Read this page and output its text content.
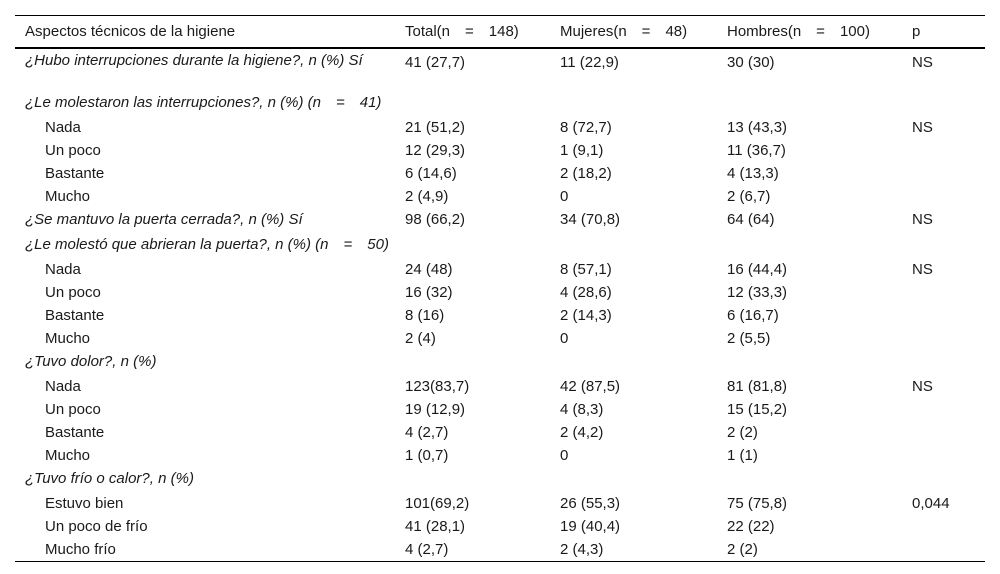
Aspectos técnicos de la higiene	Total(n  =  148)	Mujeres(n  =  48)	Hombres(n  =  100)	p
¿Hubo interrupciones durante la higiene?, n (%) Sí	41 (27,7)	11 (22,9)	30 (30)	NS
¿Le molestaron las interrupciones?, n (%) (n  =  41)				
Nada	21 (51,2)	8 (72,7)	13 (43,3)	NS
Un poco	12 (29,3)	1 (9,1)	11 (36,7)	
Bastante	6 (14,6)	2 (18,2)	4 (13,3)	
Mucho	2 (4,9)	0	2 (6,7)	
¿Se mantuvo la puerta cerrada?, n (%) Sí	98 (66,2)	34 (70,8)	64 (64)	NS
¿Le molestó que abrieran la puerta?, n (%) (n  =  50)				
Nada	24 (48)	8 (57,1)	16 (44,4)	NS
Un poco	16 (32)	4 (28,6)	12 (33,3)	
Bastante	8 (16)	2 (14,3)	6 (16,7)	
Mucho	2 (4)	0	2 (5,5)	
¿Tuvo dolor?, n (%)				
Nada	123(83,7)	42 (87,5)	81 (81,8)	NS
Un poco	19 (12,9)	4 (8,3)	15 (15,2)	
Bastante	4 (2,7)	2 (4,2)	2 (2)	
Mucho	1 (0,7)	0	1 (1)	
¿Tuvo frío o calor?, n (%)				
Estuvo bien	101(69,2)	26 (55,3)	75 (75,8)	0,044
Un poco de frío	41 (28,1)	19 (40,4)	22 (22)	
Mucho frío	4 (2,7)	2 (4,3)	2 (2)	
